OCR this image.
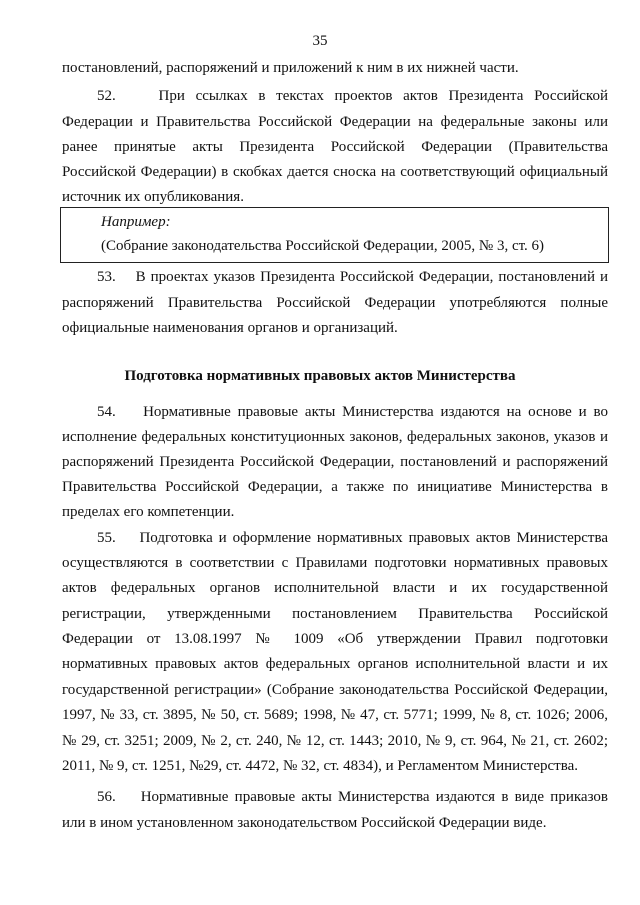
35
постановлений, распоряжений и приложений к ним в их нижней части.
52.    При ссылках в текстах проектов актов Президента Российской
Федерации и Правительства Российской Федерации на федеральные законы или
ранее принятые акты Президента Российской Федерации (Правительства
Российской Федерации) в скобках дается сноска на соответствующий официальный
источник их опубликования.
Например:
(Собрание законодательства Российской Федерации, 2005, № 3, ст. 6)
53.    В проектах указов Президента Российской Федерации, постановлений и
распоряжений Правительства Российской Федерации употребляются полные
официальные наименования органов и организаций.
Подготовка нормативных правовых актов Министерства
54.    Нормативные правовые акты Министерства издаются на основе и во
исполнение федеральных конституционных законов, федеральных законов, указов и
распоряжений Президента Российской Федерации, постановлений и распоряжений
Правительства Российской Федерации, а также по инициативе Министерства в
пределах его компетенции.
55.    Подготовка и оформление нормативных правовых актов Министерства
осуществляются в соответствии с Правилами подготовки нормативных правовых
актов федеральных органов исполнительной власти и их государственной
регистрации, утвержденными постановлением Правительства Российской
Федерации от 13.08.1997 № 1009 «Об утверждении Правил подготовки
нормативных правовых актов федеральных органов исполнительной власти и их
государственной регистрации» (Собрание законодательства Российской Федерации,
1997, № 33, ст. 3895, № 50, ст. 5689; 1998, № 47, ст. 5771; 1999, № 8, ст. 1026; 2006,
№ 29, ст. 3251; 2009, № 2, ст. 240, № 12, ст. 1443; 2010, № 9, ст. 964, № 21, ст. 2602;
2011, № 9, ст. 1251, №29, ст. 4472, № 32, ст. 4834), и Регламентом Министерства.
56.    Нормативные правовые акты Министерства издаются в виде приказов
или в ином установленном законодательством Российской Федерации виде.
